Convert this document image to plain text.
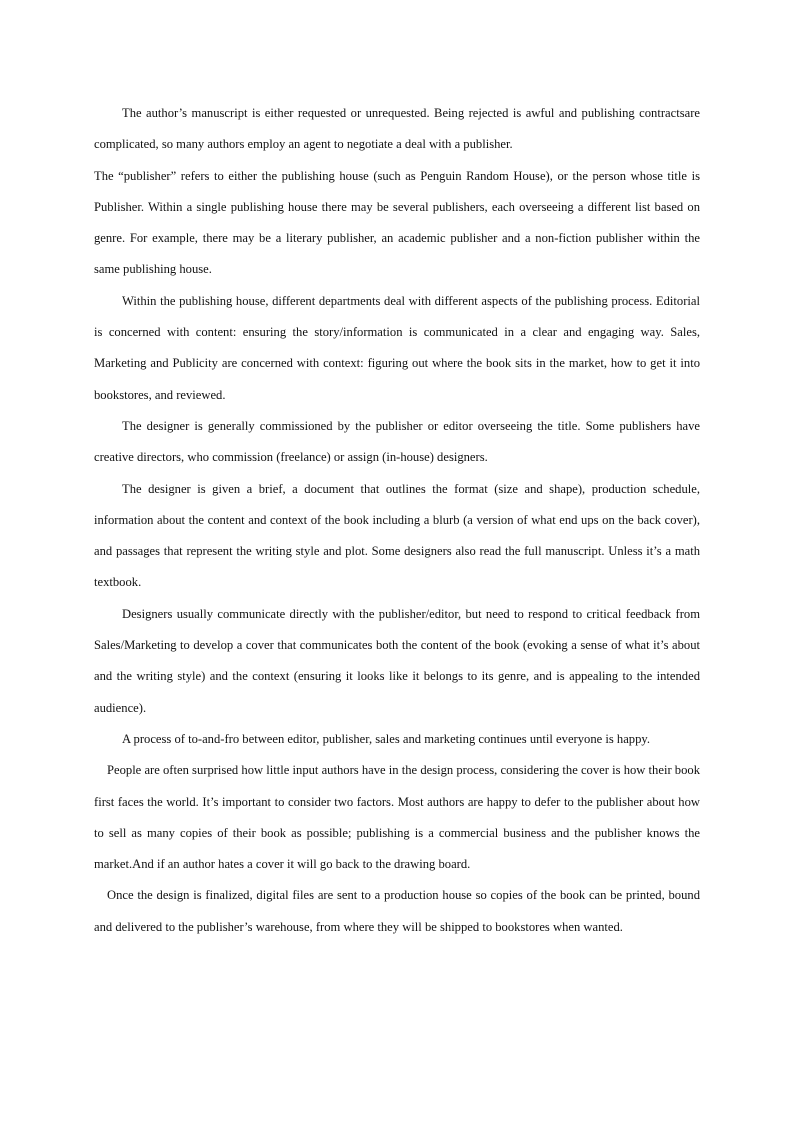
The author’s manuscript is either requested or unrequested. Being rejected is awful and publishing contractsare complicated, so many authors employ an agent to negotiate a deal with a publisher.

The “publisher” refers to either the publishing house (such as Penguin Random House), or the person whose title is Publisher. Within a single publishing house there may be several publishers, each overseeing a different list based on genre. For example, there may be a literary publisher, an academic publisher and a non-fiction publisher within the same publishing house.

Within the publishing house, different departments deal with different aspects of the publishing process. Editorial is concerned with content: ensuring the story/information is communicated in a clear and engaging way. Sales, Marketing and Publicity are concerned with context: figuring out where the book sits in the market, how to get it into bookstores, and reviewed.

The designer is generally commissioned by the publisher or editor overseeing the title. Some publishers have creative directors, who commission (freelance) or assign (in-house) designers.

The designer is given a brief, a document that outlines the format (size and shape), production schedule, information about the content and context of the book including a blurb (a version of what end ups on the back cover), and passages that represent the writing style and plot. Some designers also read the full manuscript. Unless it’s a math textbook.

Designers usually communicate directly with the publisher/editor, but need to respond to critical feedback from Sales/Marketing to develop a cover that communicates both the content of the book (evoking a sense of what it’s about and the writing style) and the context (ensuring it looks like it belongs to its genre, and is appealing to the intended audience).

A process of to-and-fro between editor, publisher, sales and marketing continues until everyone is happy.

People are often surprised how little input authors have in the design process, considering the cover is how their book first faces the world. It’s important to consider two factors. Most authors are happy to defer to the publisher about how to sell as many copies of their book as possible; publishing is a commercial business and the publisher knows the market.And if an author hates a cover it will go back to the drawing board.

Once the design is finalized, digital files are sent to a production house so copies of the book can be printed, bound and delivered to the publisher’s warehouse, from where they will be shipped to bookstores when wanted.
